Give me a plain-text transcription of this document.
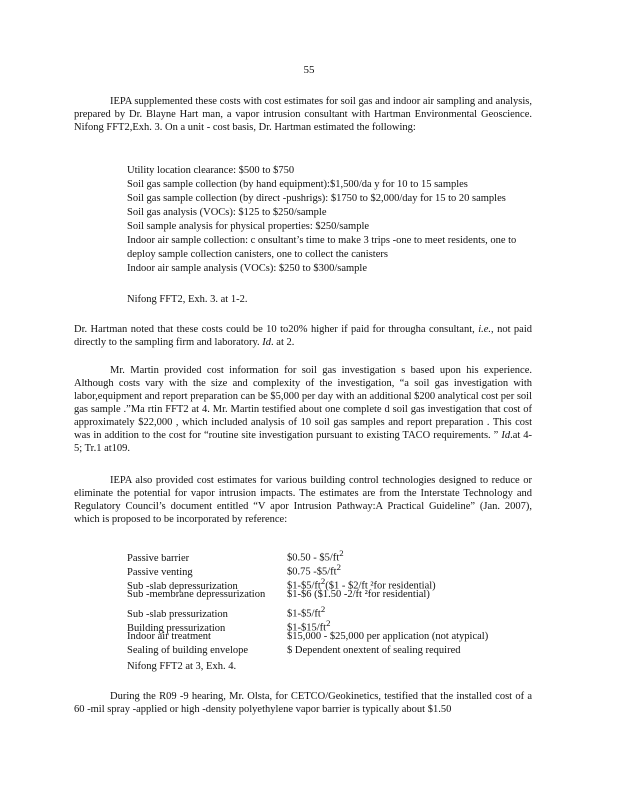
55

IEPA supplemented these costs with cost estimates for soil gas and indoor air sampling and analysis, prepared by Dr. Blayne Hart man, a vapor intrusion consultant with Hartman Environmental Geoscience. Nifong FFT2,Exh. 3. On a unit - cost basis, Dr. Hartman estimated the following:

Utility location clearance: $500 to $750
Soil gas sample collection (by hand equipment):$1,500/da y for 10 to 15 samples
Soil gas sample collection (by direct -pushrigs): $1750 to $2,000/day for 15 to 20 samples
Soil gas analysis (VOCs): $125 to $250/sample
Soil sample analysis for physical properties: $250/sample
Indoor air sample collection: c onsultant’s time to make 3 trips -one to meet residents, one to deploy sample collection canisters, one to collect the canisters
Indoor air sample analysis (VOCs): $250 to $300/sample
Nifong FFT2, Exh. 3. at 1-2.

Dr. Hartman noted that these costs could be 10 to20% higher if paid for througha consultant, i.e., not paid directly to the sampling firm and laboratory. Id. at 2.

Mr. Martin provided cost information for soil gas investigation s based upon his experience. Although costs vary with the size and complexity of the investigation, “a soil gas investigation with labor,equipment and report preparation can be $5,000 per day with an additional $200 analytical cost per soil gas sample .”Ma rtin FFT2 at 4. Mr. Martin testified about one complete d soil gas investigation that cost of approximately $22,000 , which included analysis of 10 soil gas samples and report preparation . This cost was in addition to the cost for “routine site investigation pursuant to existing TACO requirements. ” Id.at 4- 5; Tr.1 at109.

IEPA also provided cost estimates for various building control technologies designed to reduce or eliminate the potential for vapor intrusion impacts. The estimates are from the Interstate Technology and Regulatory Council’s document entitled “V apor Intrusion Pathway:A Practical Guideline” (Jan. 2007), which is proposed to be incorporated by reference:

Passive barrier	$0.50 - $\$5/ft^2$
Passive venting	$0.75 $-\$5/ft^2$
Sub -slab depressurization	$\$1-\$5/ft^2(\$1$ - $2/ft ²for residential)
Sub -membrane depressurization $1-$6 ($1.50 -2/ft ²for residential)
Sub -slab pressurization	$\$1-\$5/ft^2$
Building pressurization	$\$1-\$15/ft^2$
Indoor air treatment	$15,000 - $25,000 per application (not atypical)
Sealing of building envelope	$ Dependent onextent of sealing required
Nifong FFT2 at 3, Exh. 4.

During the R09 -9 hearing, Mr. Olsta, for CETCO/Geokinetics, testified that the installed cost of a 60 -mil spray -applied or high -density polyethylene vapor barrier is typically about $1.50
